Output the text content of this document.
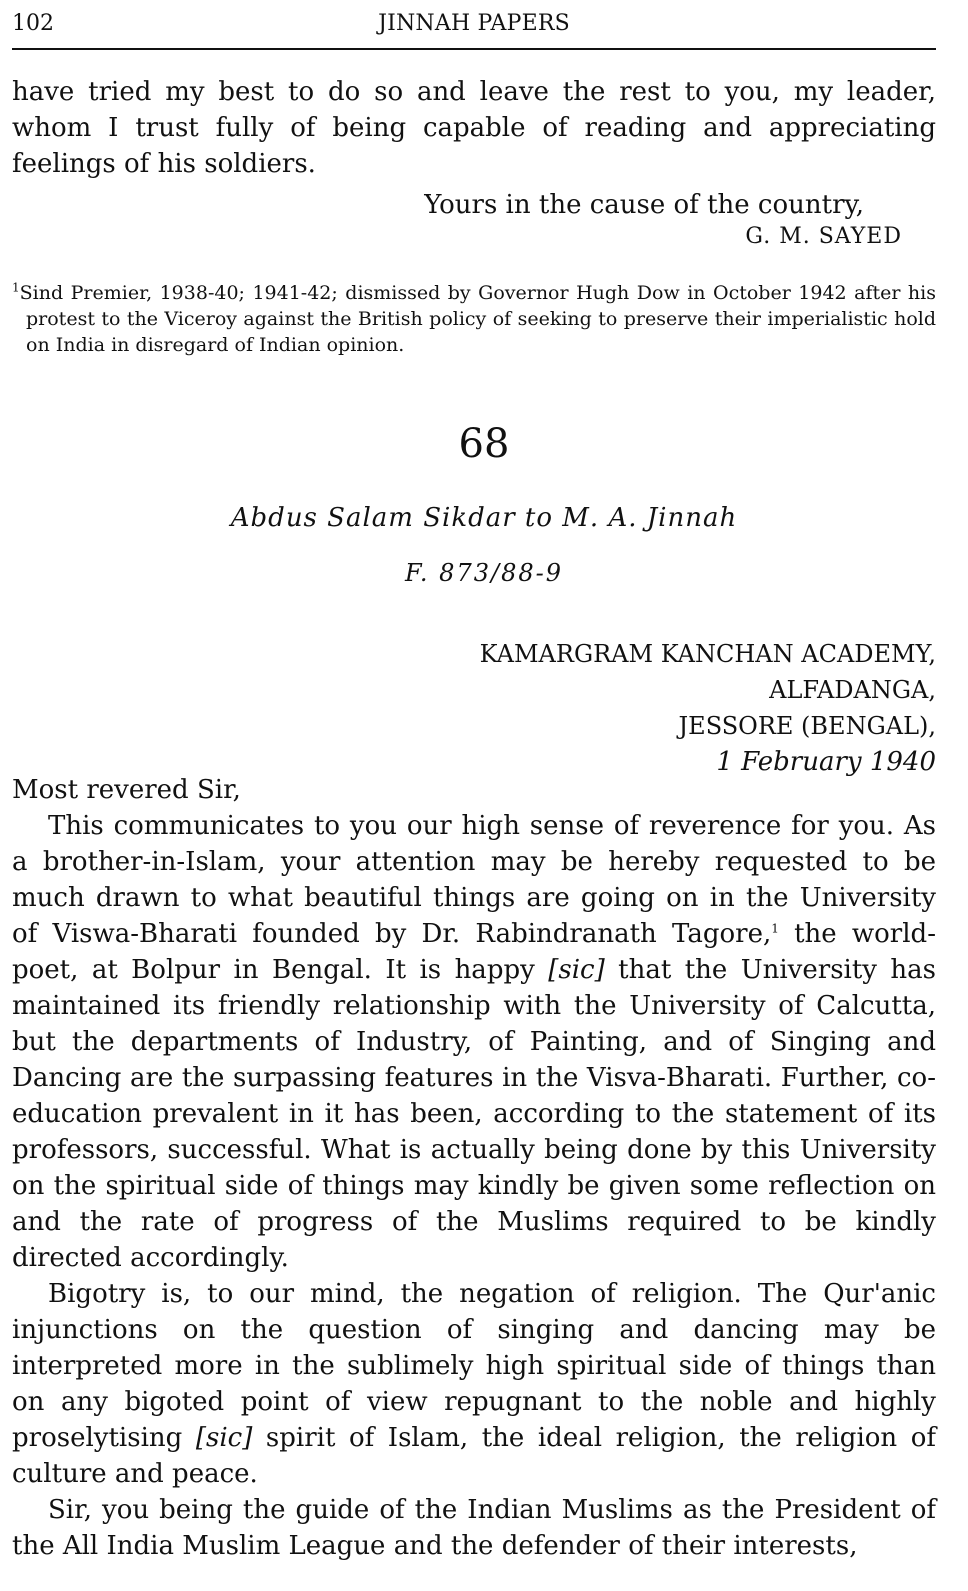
102	JINNAH PAPERS

have tried my best to do so and leave the rest to you, my leader, whom I trust fully of being capable of reading and appreciating feelings of his soldiers.

Yours in the cause of the country,
G. M. SAYED
$^1$Sind Premier, 1938-40; 1941-42; dismissed by Governor Hugh Dow in October 1942 after his protest to the Viceroy against the British policy of seeking to preserve their imperialistic hold on India in disregard of Indian opinion.
68
Abdus Salam Sikdar to M. A. Jinnah
F. 873/88-9
KAMARGRAM KANCHAN ACADEMY,
ALFADANGA,
JESSORE (BENGAL),
1 February 1940
Most revered Sir,

This communicates to you our high sense of reverence for you. As a brother-in-Islam, your attention may be hereby requested to be much drawn to what beautiful things are going on in the University of Viswa-Bharati founded by Dr. Rabindranath Tagore,$^1$ the world-poet, at Bolpur in Bengal. It is happy [sic] that the University has maintained its friendly relationship with the University of Calcutta, but the departments of Industry, of Painting, and of Singing and Dancing are the surpassing features in the Visva-Bharati. Further, co-education prevalent in it has been, according to the statement of its professors, successful. What is actually being done by this University on the spiritual side of things may kindly be given some reflection on and the rate of progress of the Muslims required to be kindly directed accordingly.

Bigotry is, to our mind, the negation of religion. The Qur'anic injunctions on the question of singing and dancing may be interpreted more in the sublimely high spiritual side of things than on any bigoted point of view repugnant to the noble and highly proselytising [sic] spirit of Islam, the ideal religion, the religion of culture and peace.

Sir, you being the guide of the Indian Muslims as the President of the All India Muslim League and the defender of their interests,
